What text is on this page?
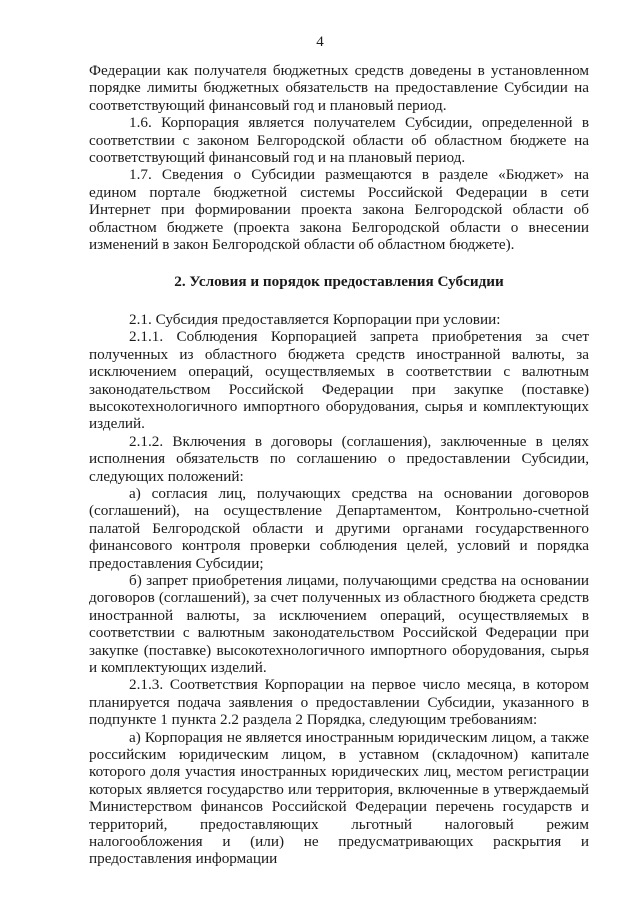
4

Федерации как получателя бюджетных средств доведены в установленном порядке лимиты бюджетных обязательств на предоставление Субсидии на соответствующий финансовый год и плановый период.

1.6. Корпорация является получателем Субсидии, определенной в соответствии с законом Белгородской области об областном бюджете на соответствующий финансовый год и на плановый период.

1.7. Сведения о Субсидии размещаются в разделе «Бюджет» на едином портале бюджетной системы Российской Федерации в сети Интернет при формировании проекта закона Белгородской области об областном бюджете (проекта закона Белгородской области о внесении изменений в закон Белгородской области об областном бюджете).

2. Условия и порядок предоставления Субсидии

2.1. Субсидия предоставляется Корпорации при условии:

2.1.1. Соблюдения Корпорацией запрета приобретения за счет полученных из областного бюджета средств иностранной валюты, за исключением операций, осуществляемых в соответствии с валютным законодательством Российской Федерации при закупке (поставке) высокотехнологичного импортного оборудования, сырья и комплектующих изделий.

2.1.2. Включения в договоры (соглашения), заключенные в целях исполнения обязательств по соглашению о предоставлении Субсидии, следующих положений:

а) согласия лиц, получающих средства на основании договоров (соглашений), на осуществление Департаментом, Контрольно-счетной палатой Белгородской области и другими органами государственного финансового контроля проверки соблюдения целей, условий и порядка предоставления Субсидии;

б) запрет приобретения лицами, получающими средства на основании договоров (соглашений), за счет полученных из областного бюджета средств иностранной валюты, за исключением операций, осуществляемых в соответствии с валютным законодательством Российской Федерации при закупке (поставке) высокотехнологичного импортного оборудования, сырья и комплектующих изделий.

2.1.3. Соответствия Корпорации на первое число месяца, в котором планируется подача заявления о предоставлении Субсидии, указанного в подпункте 1 пункта 2.2 раздела 2 Порядка, следующим требованиям:

а) Корпорация не является иностранным юридическим лицом, а также российским юридическим лицом, в уставном (складочном) капитале которого доля участия иностранных юридических лиц, местом регистрации которых является государство или территория, включенные в утверждаемый Министерством финансов Российской Федерации перечень государств и территорий, предоставляющих льготный налоговый режим налогообложения и (или) не предусматривающих раскрытия и предоставления информации
